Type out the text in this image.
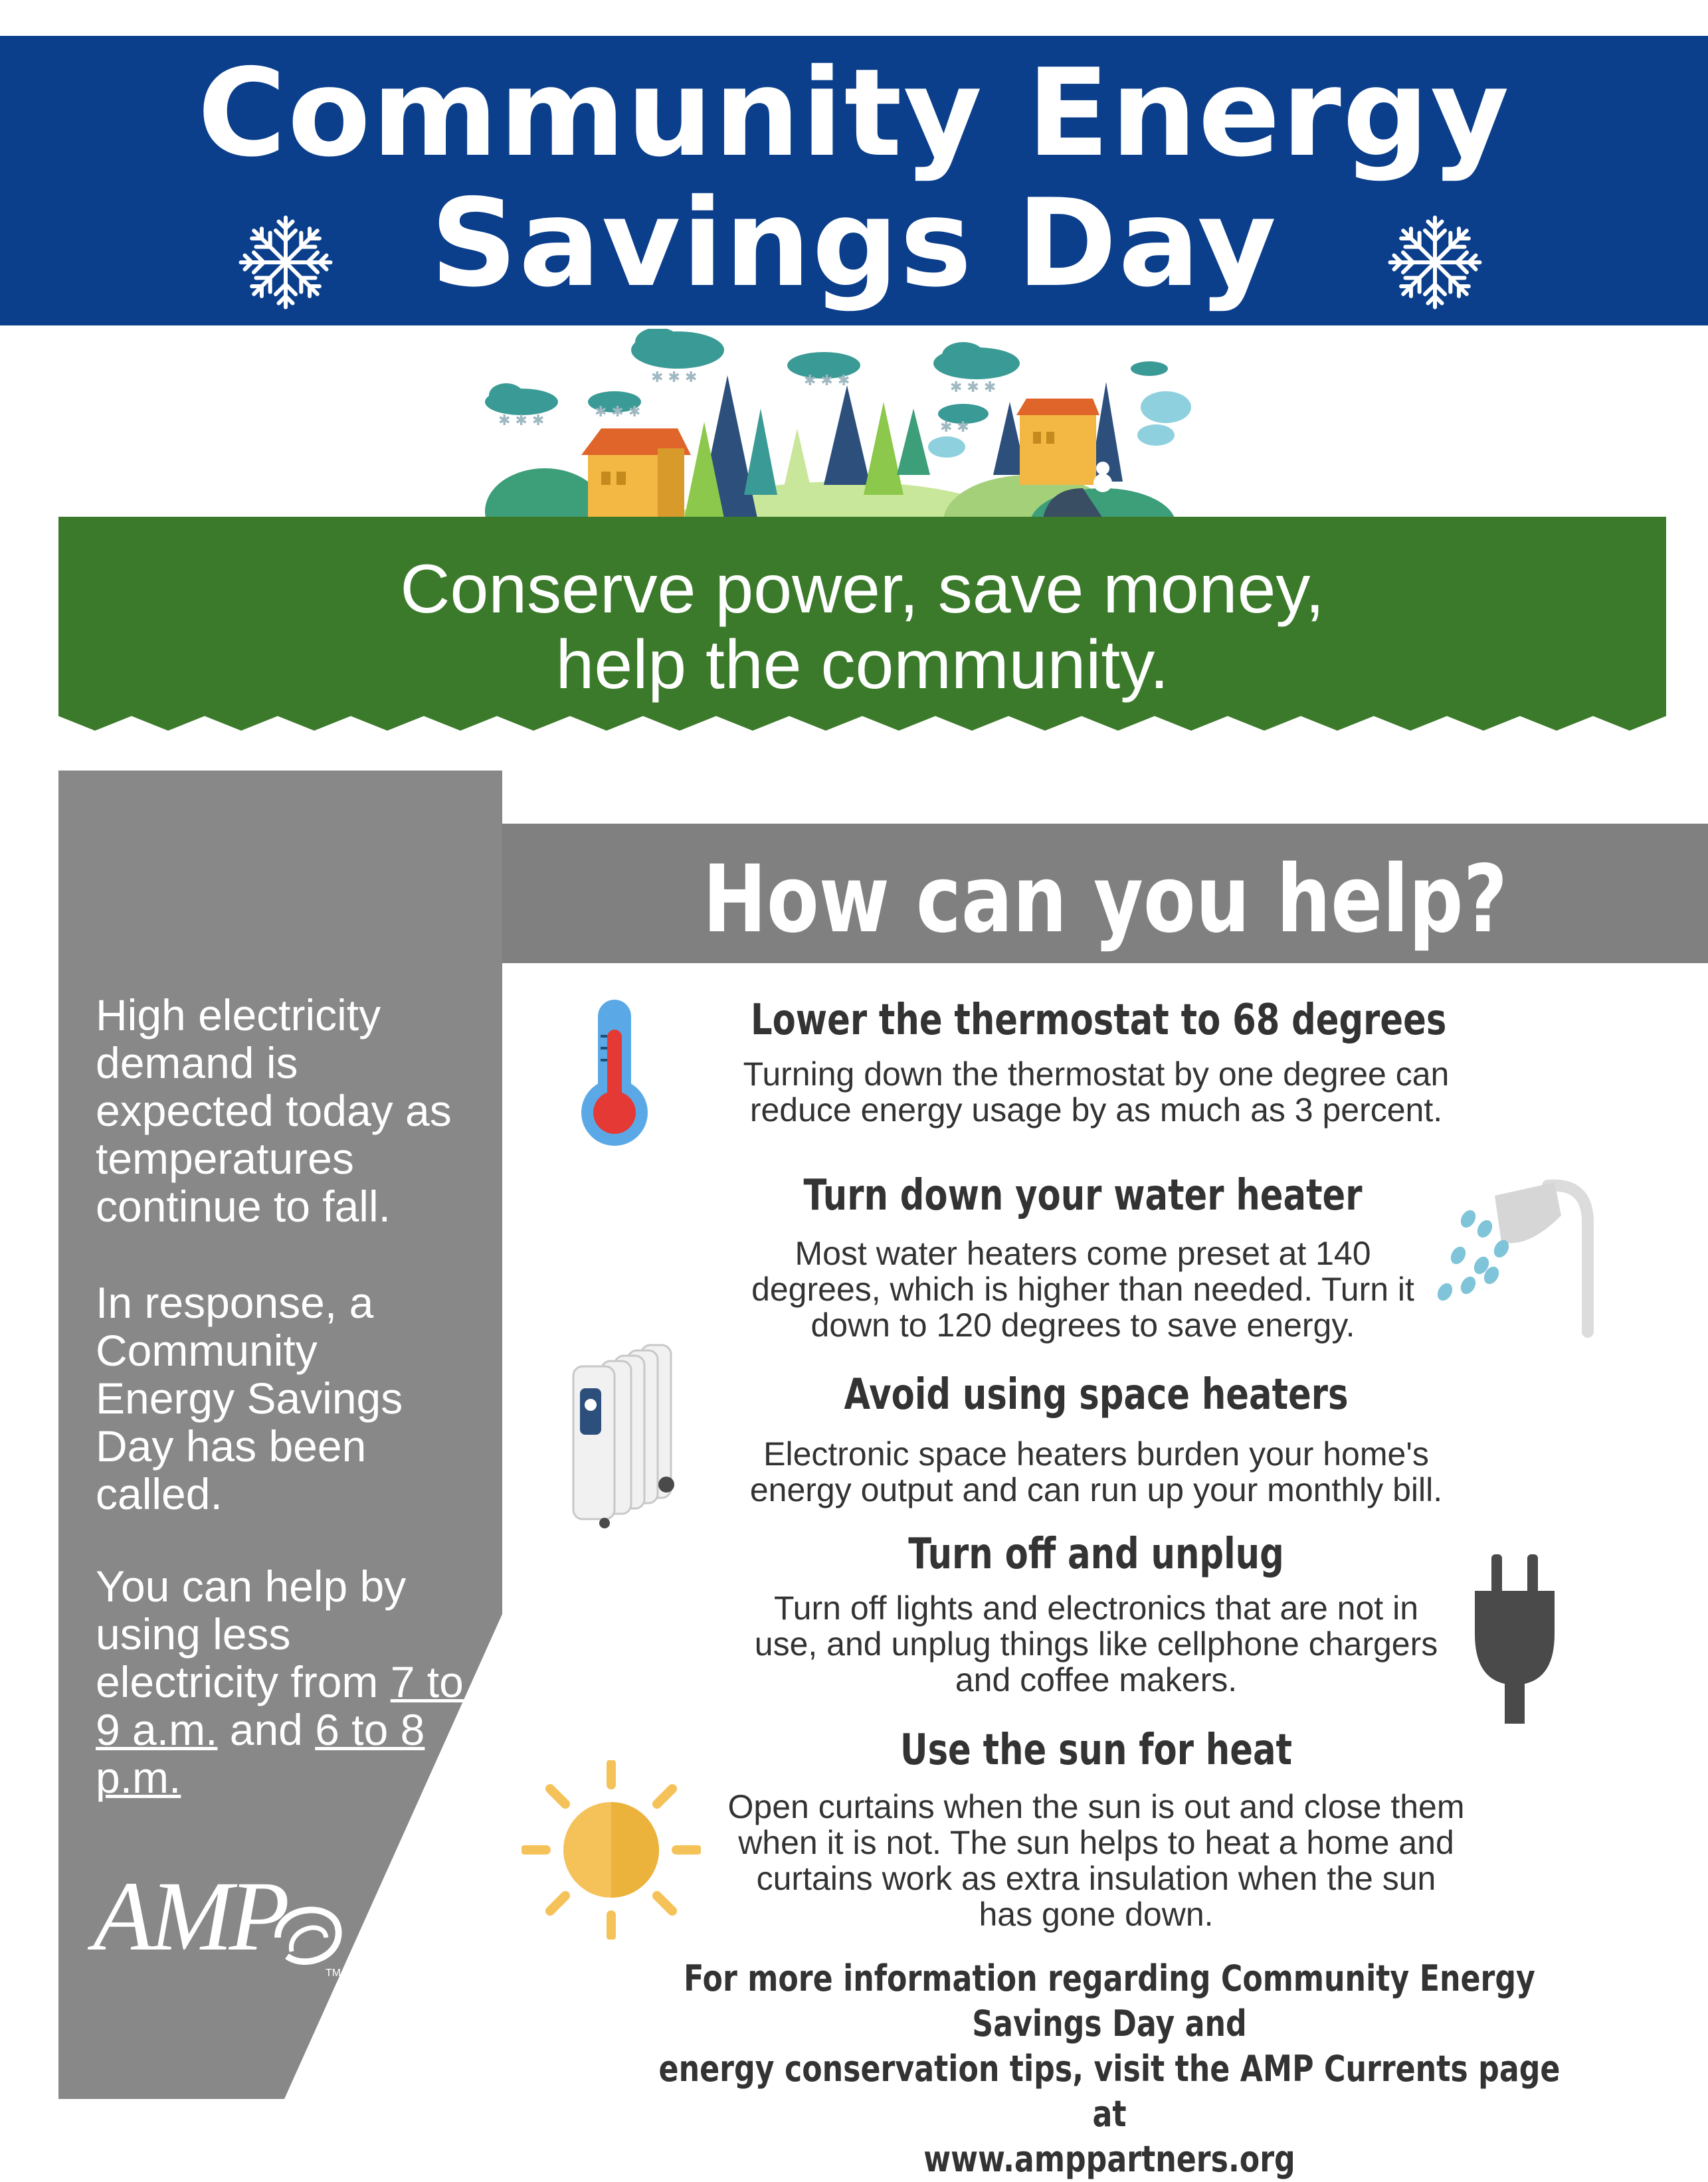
Community Energy
Savings Day
✱ ✱ ✱
✱ ✱ ✱
✱ ✱ ✱
✱ ✱ ✱	✱ ✱ ✱
✱ ✱
Conserve power, save money,
help the community.
High electricity demand is expected today as temperatures continue to fall.
In response, a Community Energy Savings Day has been called.
You can help by using less electricity from 7 to 9 a.m. and 6 to 8 p.m.
AMP
TM
How can you help?
Lower the thermostat to 68 degrees
Turning down the thermostat by one degree can
reduce energy usage by as much as 3 percent.
Turn down your water heater
Most water heaters come preset at 140
degrees, which is higher than needed. Turn it
down to 120 degrees to save energy.
Avoid using space heaters
Electronic space heaters burden your home's
energy output and can run up your monthly bill.
Turn off and unplug
Turn off lights and electronics that are not in
use, and unplug things like cellphone chargers
and coffee makers.
Use the sun for heat
Open curtains when the sun is out and close them
when it is not. The sun helps to heat a home and
curtains work as extra insulation when the sun
has gone down.
For more information regarding Community Energy Savings Day and
energy conservation tips, visit the AMP Currents page at
www.amppartners.org
